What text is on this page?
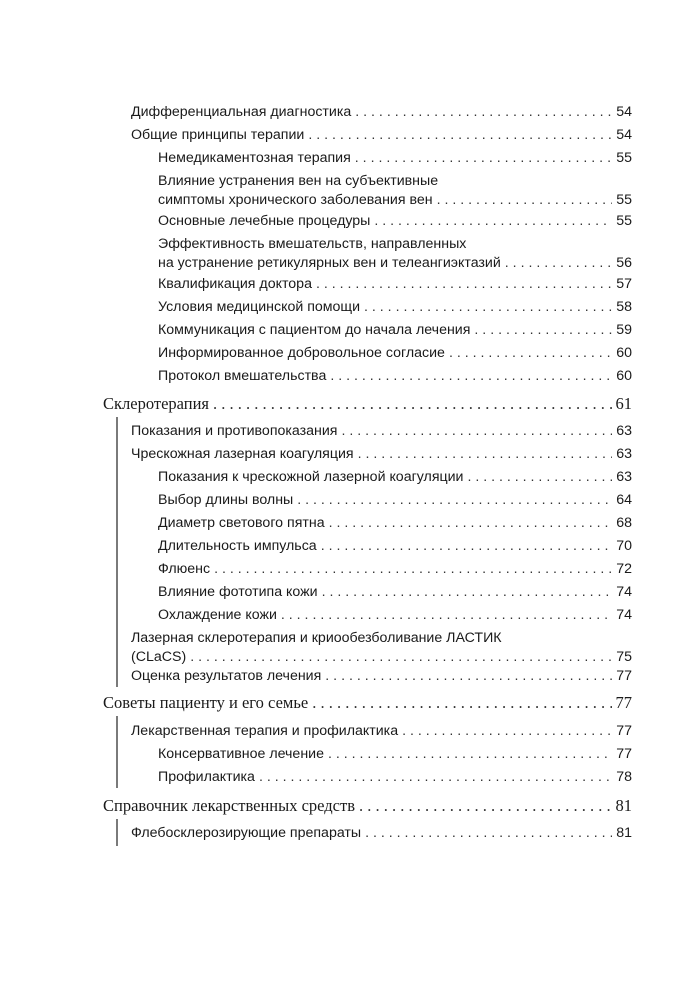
Дифференциальная диагностика . . .	54
Общие принципы терапии . . .	54
Немедикаментозная терапия . . .	55
Влияние устранения вен на субъективные
симптомы хронического заболевания вен . . .	55
Основные лечебные процедуры . . .	55
Эффективность вмешательств, направленных
на устранение ретикулярных вен и телеангиэктазий . . .	56
Квалификация доктора . . .	57
Условия медицинской помощи . . .	58
Коммуникация с пациентом до начала лечения . . .	59
Информированное добровольное согласие . . .	60
Протокол вмешательства . . .	60
Склеротерапия . . .	61
Показания и противопоказания . . .	63
Чрескожная лазерная коагуляция . . .	63
Показания к чрескожной лазерной коагуляции . . .	63
Выбор длины волны . . .	64
Диаметр светового пятна . . .	68
Длительность импульса . . .	70
Флюенс . . .	72
Влияние фототипа кожи . . .	74
Охлаждение кожи . . .	74
Лазерная склеротерапия и криообезболивание ЛАСТИК
(CLaCS) . . .	75
Оценка результатов лечения . . .	77
Советы пациенту и его семье . . .	77
Лекарственная терапия и профилактика . . .	77
Консервативное лечение . . .	77
Профилактика . . .	78
Справочник лекарственных средств . . .	81
Флебосклерозирующие препараты . . .	81
